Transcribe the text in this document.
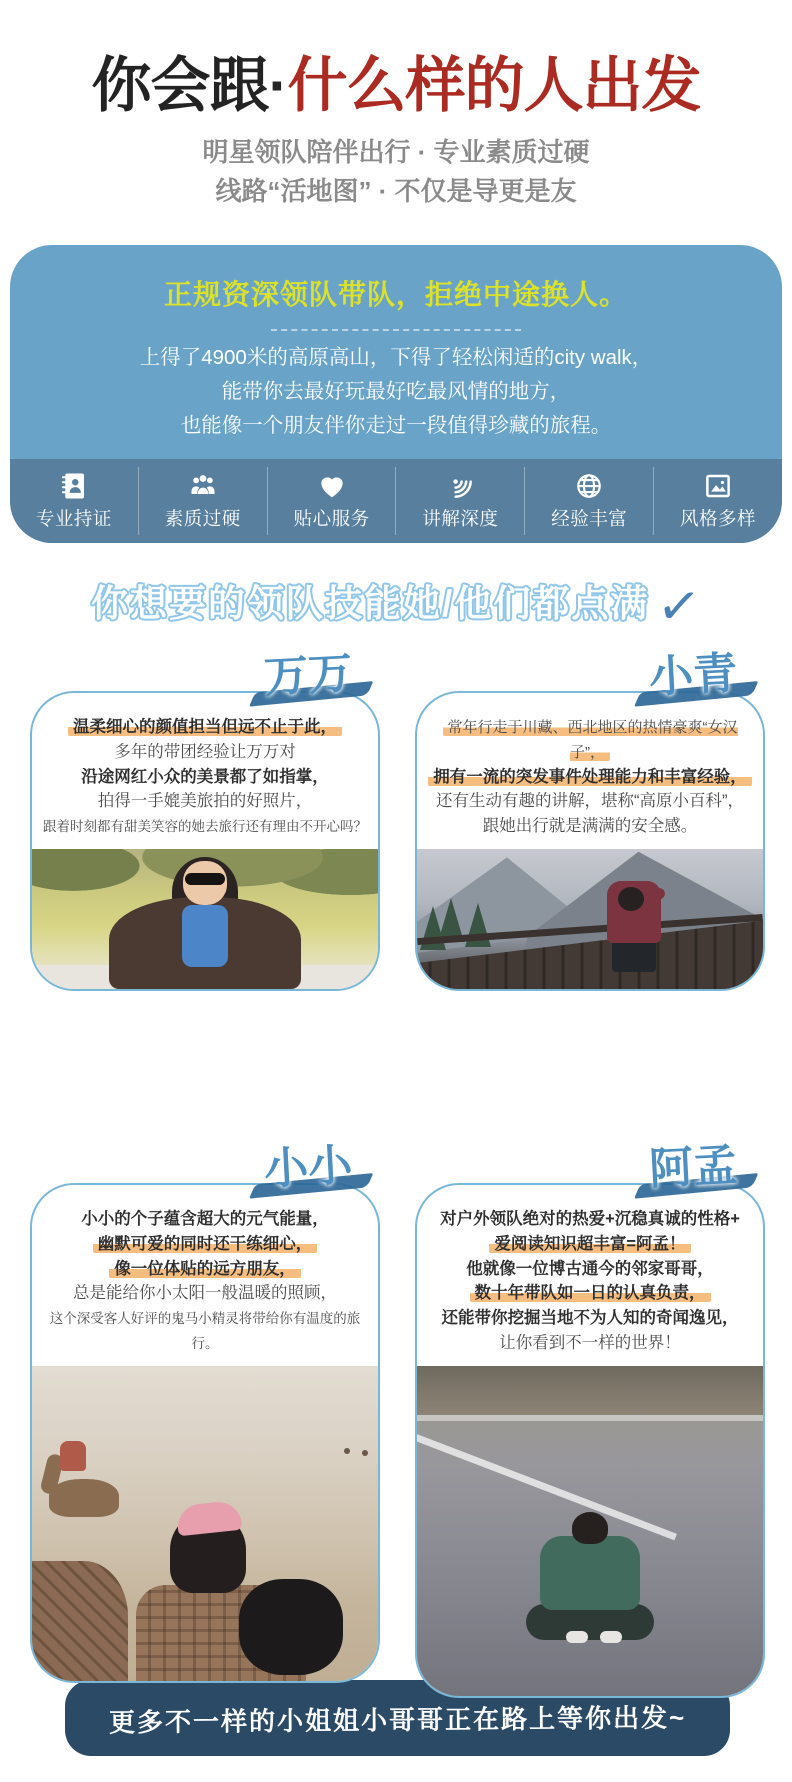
你会跟·什么样的人出发
明星领队陪伴出行 · 专业素质过硬
线路“活地图” · 不仅是导更是友
正规资深领队带队，拒绝中途换人。
上得了4900米的高原高山，下得了轻松闲适的city walk，
能带你去最好玩最好吃最风情的地方，
也能像一个朋友伴你走过一段值得珍藏的旅程。
专业持证	素质过硬	贴心服务	讲解深度	经验丰富	风格多样
你想要的领队技能她/他们都点满✓
万万
温柔细心的颜值担当但远不止于此，
多年的带团经验让万万对
沿途网红小众的美景都了如指掌，
拍得一手媲美旅拍的好照片，
跟着时刻都有甜美笑容的她去旅行还有理由不开心吗？
小青
常年行走于川藏、西北地区的热情豪爽“女汉子”，
拥有一流的突发事件处理能力和丰富经验，
还有生动有趣的讲解，堪称“高原小百科”，
跟她出行就是满满的安全感。
小小
小小的个子蕴含超大的元气能量，
幽默可爱的同时还干练细心，
像一位体贴的远方朋友，
总是能给你小太阳一般温暖的照顾，
这个深受客人好评的鬼马小精灵将带给你有温度的旅行。
阿孟
对户外领队绝对的热爱+沉稳真诚的性格+
爱阅读知识超丰富=阿孟！
他就像一位博古通今的邻家哥哥，
数十年带队如一日的认真负责，
还能带你挖掘当地不为人知的奇闻逸见，
让你看到不一样的世界！
更多不一样的小姐姐小哥哥正在路上等你出发~
